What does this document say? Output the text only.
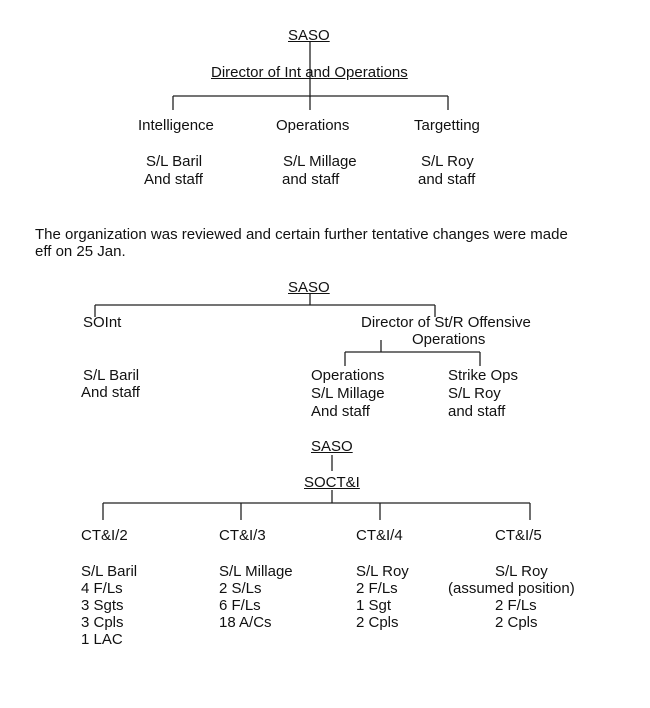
SASO
Director of Int and Operations
Intelligence
S/L Baril
And staff
Operations
S/L Millage
and staff
Targetting
S/L Roy
and staff
The organization was reviewed and certain further tentative changes were made
eff on 25 Jan.
SASO
SOInt
S/L Baril
And staff
Director of St/R Offensive
Operations
Operations
S/L Millage
And staff
Strike Ops
S/L Roy
and staff
SASO
SOCT&I
CT&I/2
S/L Baril
4 F/Ls
3 Sgts
3 Cpls
1 LAC
CT&I/3
S/L Millage
2 S/Ls
6 F/Ls
18 A/Cs
CT&I/4
S/L Roy
2 F/Ls
1 Sgt
2 Cpls
CT&I/5
S/L Roy
(assumed position)
2 F/Ls
2 Cpls
